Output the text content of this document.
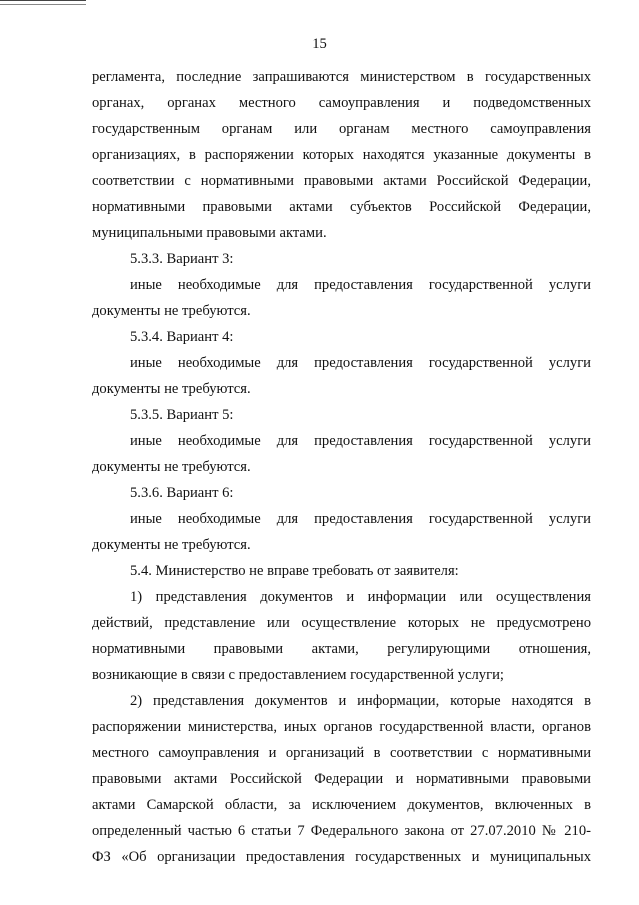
15
регламента, последние запрашиваются министерством в государственных
органах, органах местного самоуправления и подведомственных
государственным органам или органам местного самоуправления
организациях, в распоряжении которых находятся указанные документы в
соответствии с нормативными правовыми актами Российской Федерации,
нормативными правовыми актами субъектов Российской Федерации,
муниципальными правовыми актами.
5.3.3. Вариант 3:
иные необходимые для предоставления государственной услуги
документы не требуются.
5.3.4. Вариант 4:
иные необходимые для предоставления государственной услуги
документы не требуются.
5.3.5. Вариант 5:
иные необходимые для предоставления государственной услуги
документы не требуются.
5.3.6. Вариант 6:
иные необходимые для предоставления государственной услуги
документы не требуются.
5.4. Министерство не вправе требовать от заявителя:
1) представления документов и информации или осуществления
действий, представление или осуществление которых не предусмотрено
нормативными правовыми актами, регулирующими отношения,
возникающие в связи с предоставлением государственной услуги;
2) представления документов и информации, которые находятся в
распоряжении министерства, иных органов государственной власти, органов
местного самоуправления и организаций в соответствии с нормативными
правовыми актами Российской Федерации и нормативными правовыми
актами Самарской области, за исключением документов, включенных в
определенный частью 6 статьи 7 Федерального закона от 27.07.2010 № 210-
ФЗ «Об организации предоставления государственных и муниципальных
